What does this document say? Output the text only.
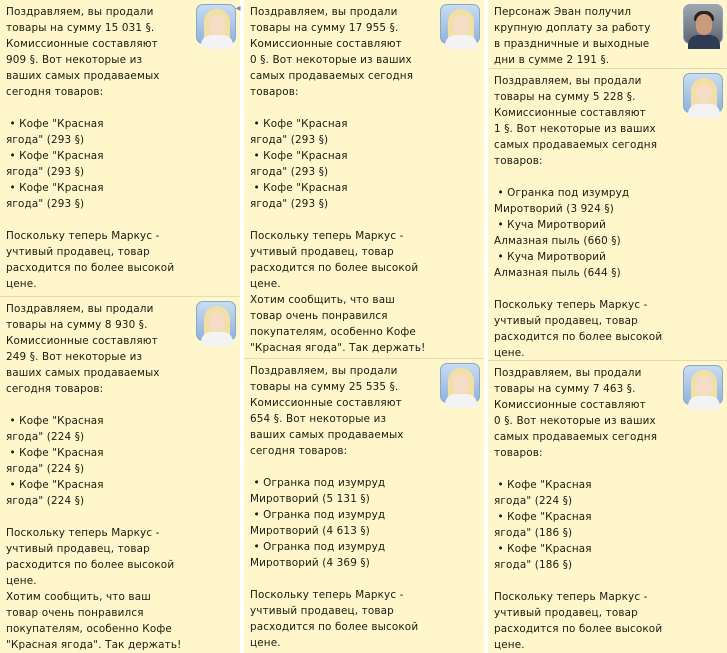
Поздравляем, вы продали
товары на сумму 15 031 §.
Комиссионные составляют
909 §. Вот некоторые из
ваших самых продаваемых
сегодня товаров:

• Кофе "Красная
ягода" (293 §)
• Кофе "Красная
ягода" (293 §)
• Кофе "Красная
ягода" (293 §)

Поскольку теперь Маркус -
учтивый продавец, товар
расходится по более высокой
цене.
◂
Поздравляем, вы продали
товары на сумму 8 930 §.
Комиссионные составляют
249 §. Вот некоторые из
ваших самых продаваемых
сегодня товаров:

• Кофе "Красная
ягода" (224 §)
• Кофе "Красная
ягода" (224 §)
• Кофе "Красная
ягода" (224 §)

Поскольку теперь Маркус -
учтивый продавец, товар
расходится по более высокой
цене.
Хотим сообщить, что ваш
товар очень понравился
покупателям, особенно Кофе
"Красная ягода". Так держать!
Поздравляем, вы продали
товары на сумму 17 955 §.
Комиссионные составляют
0 §. Вот некоторые из ваших
самых продаваемых сегодня
товаров:

• Кофе "Красная
ягода" (293 §)
• Кофе "Красная
ягода" (293 §)
• Кофе "Красная
ягода" (293 §)

Поскольку теперь Маркус -
учтивый продавец, товар
расходится по более высокой
цене.
Хотим сообщить, что ваш
товар очень понравился
покупателям, особенно Кофе
"Красная ягода". Так держать!
Поздравляем, вы продали
товары на сумму 25 535 §.
Комиссионные составляют
654 §. Вот некоторые из
ваших самых продаваемых
сегодня товаров:

• Огранка под изумруд
Миротворий (5 131 §)
• Огранка под изумруд
Миротворий (4 613 §)
• Огранка под изумруд
Миротворий (4 369 §)

Поскольку теперь Маркус -
учтивый продавец, товар
расходится по более высокой
цене.
Персонаж Эван получил
крупную доплату за работу
в праздничные и выходные
дни в сумме 2 191 §.
Поздравляем, вы продали
товары на сумму 5 228 §.
Комиссионные составляют
1 §. Вот некоторые из ваших
самых продаваемых сегодня
товаров:

• Огранка под изумруд
Миротворий (3 924 §)
• Куча Миротворий
Алмазная пыль (660 §)
• Куча Миротворий
Алмазная пыль (644 §)

Поскольку теперь Маркус -
учтивый продавец, товар
расходится по более высокой
цене.
Поздравляем, вы продали
товары на сумму 7 463 §.
Комиссионные составляют
0 §. Вот некоторые из ваших
самых продаваемых сегодня
товаров:

• Кофе "Красная
ягода" (224 §)
• Кофе "Красная
ягода" (186 §)
• Кофе "Красная
ягода" (186 §)

Поскольку теперь Маркус -
учтивый продавец, товар
расходится по более высокой
цене.
